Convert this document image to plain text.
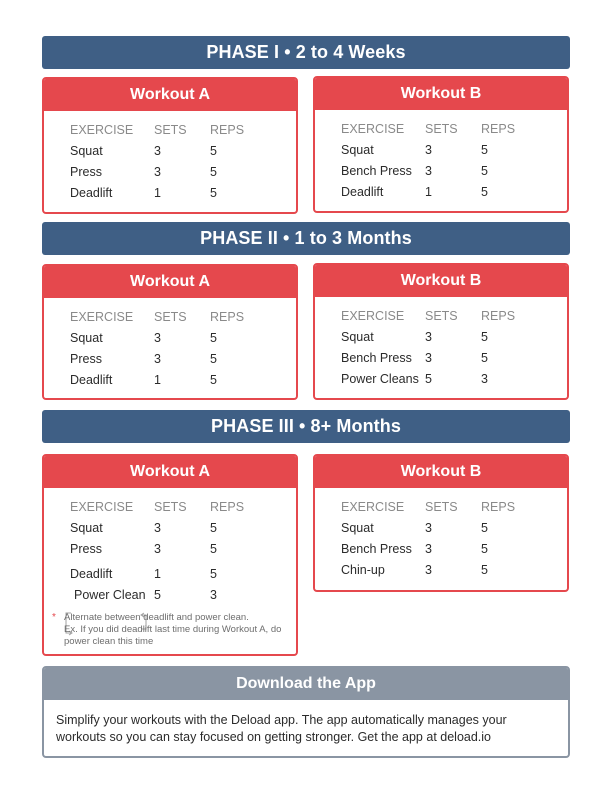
PHASE I • 2 to 4 Weeks
Workout A
EXERCISE	SETS	REPS
Squat	3	5
Press	3	5
Deadlift	1	5
Workout B
EXERCISE	SETS	REPS
Squat	3	5
Bench Press	3	5
Deadlift	1	5
PHASE II • 1 to 3 Months
Workout A
EXERCISE	SETS	REPS
Squat	3	5
Press	3	5
Deadlift	1	5
Workout B
EXERCISE	SETS	REPS
Squat	3	5
Bench Press	3	5
Power Cleans	5	3
PHASE III • 8+ Months
Workout A
EXERCISE	SETS	REPS
Squat	3	5
Press	3	5

Deadlift	1	5
Power Clean	5	3
* Alternate between deadlift and power clean.
Ex. If you did deadlift last time during Workout A, do
power clean this time
Workout B
EXERCISE	SETS	REPS
Squat	3	5
Bench Press	3	5
Chin-up	3	5
Download the App
Simplify your workouts with the Deload app. The app automatically manages your
workouts so you can stay focused on getting stronger. Get the app at deload.io
